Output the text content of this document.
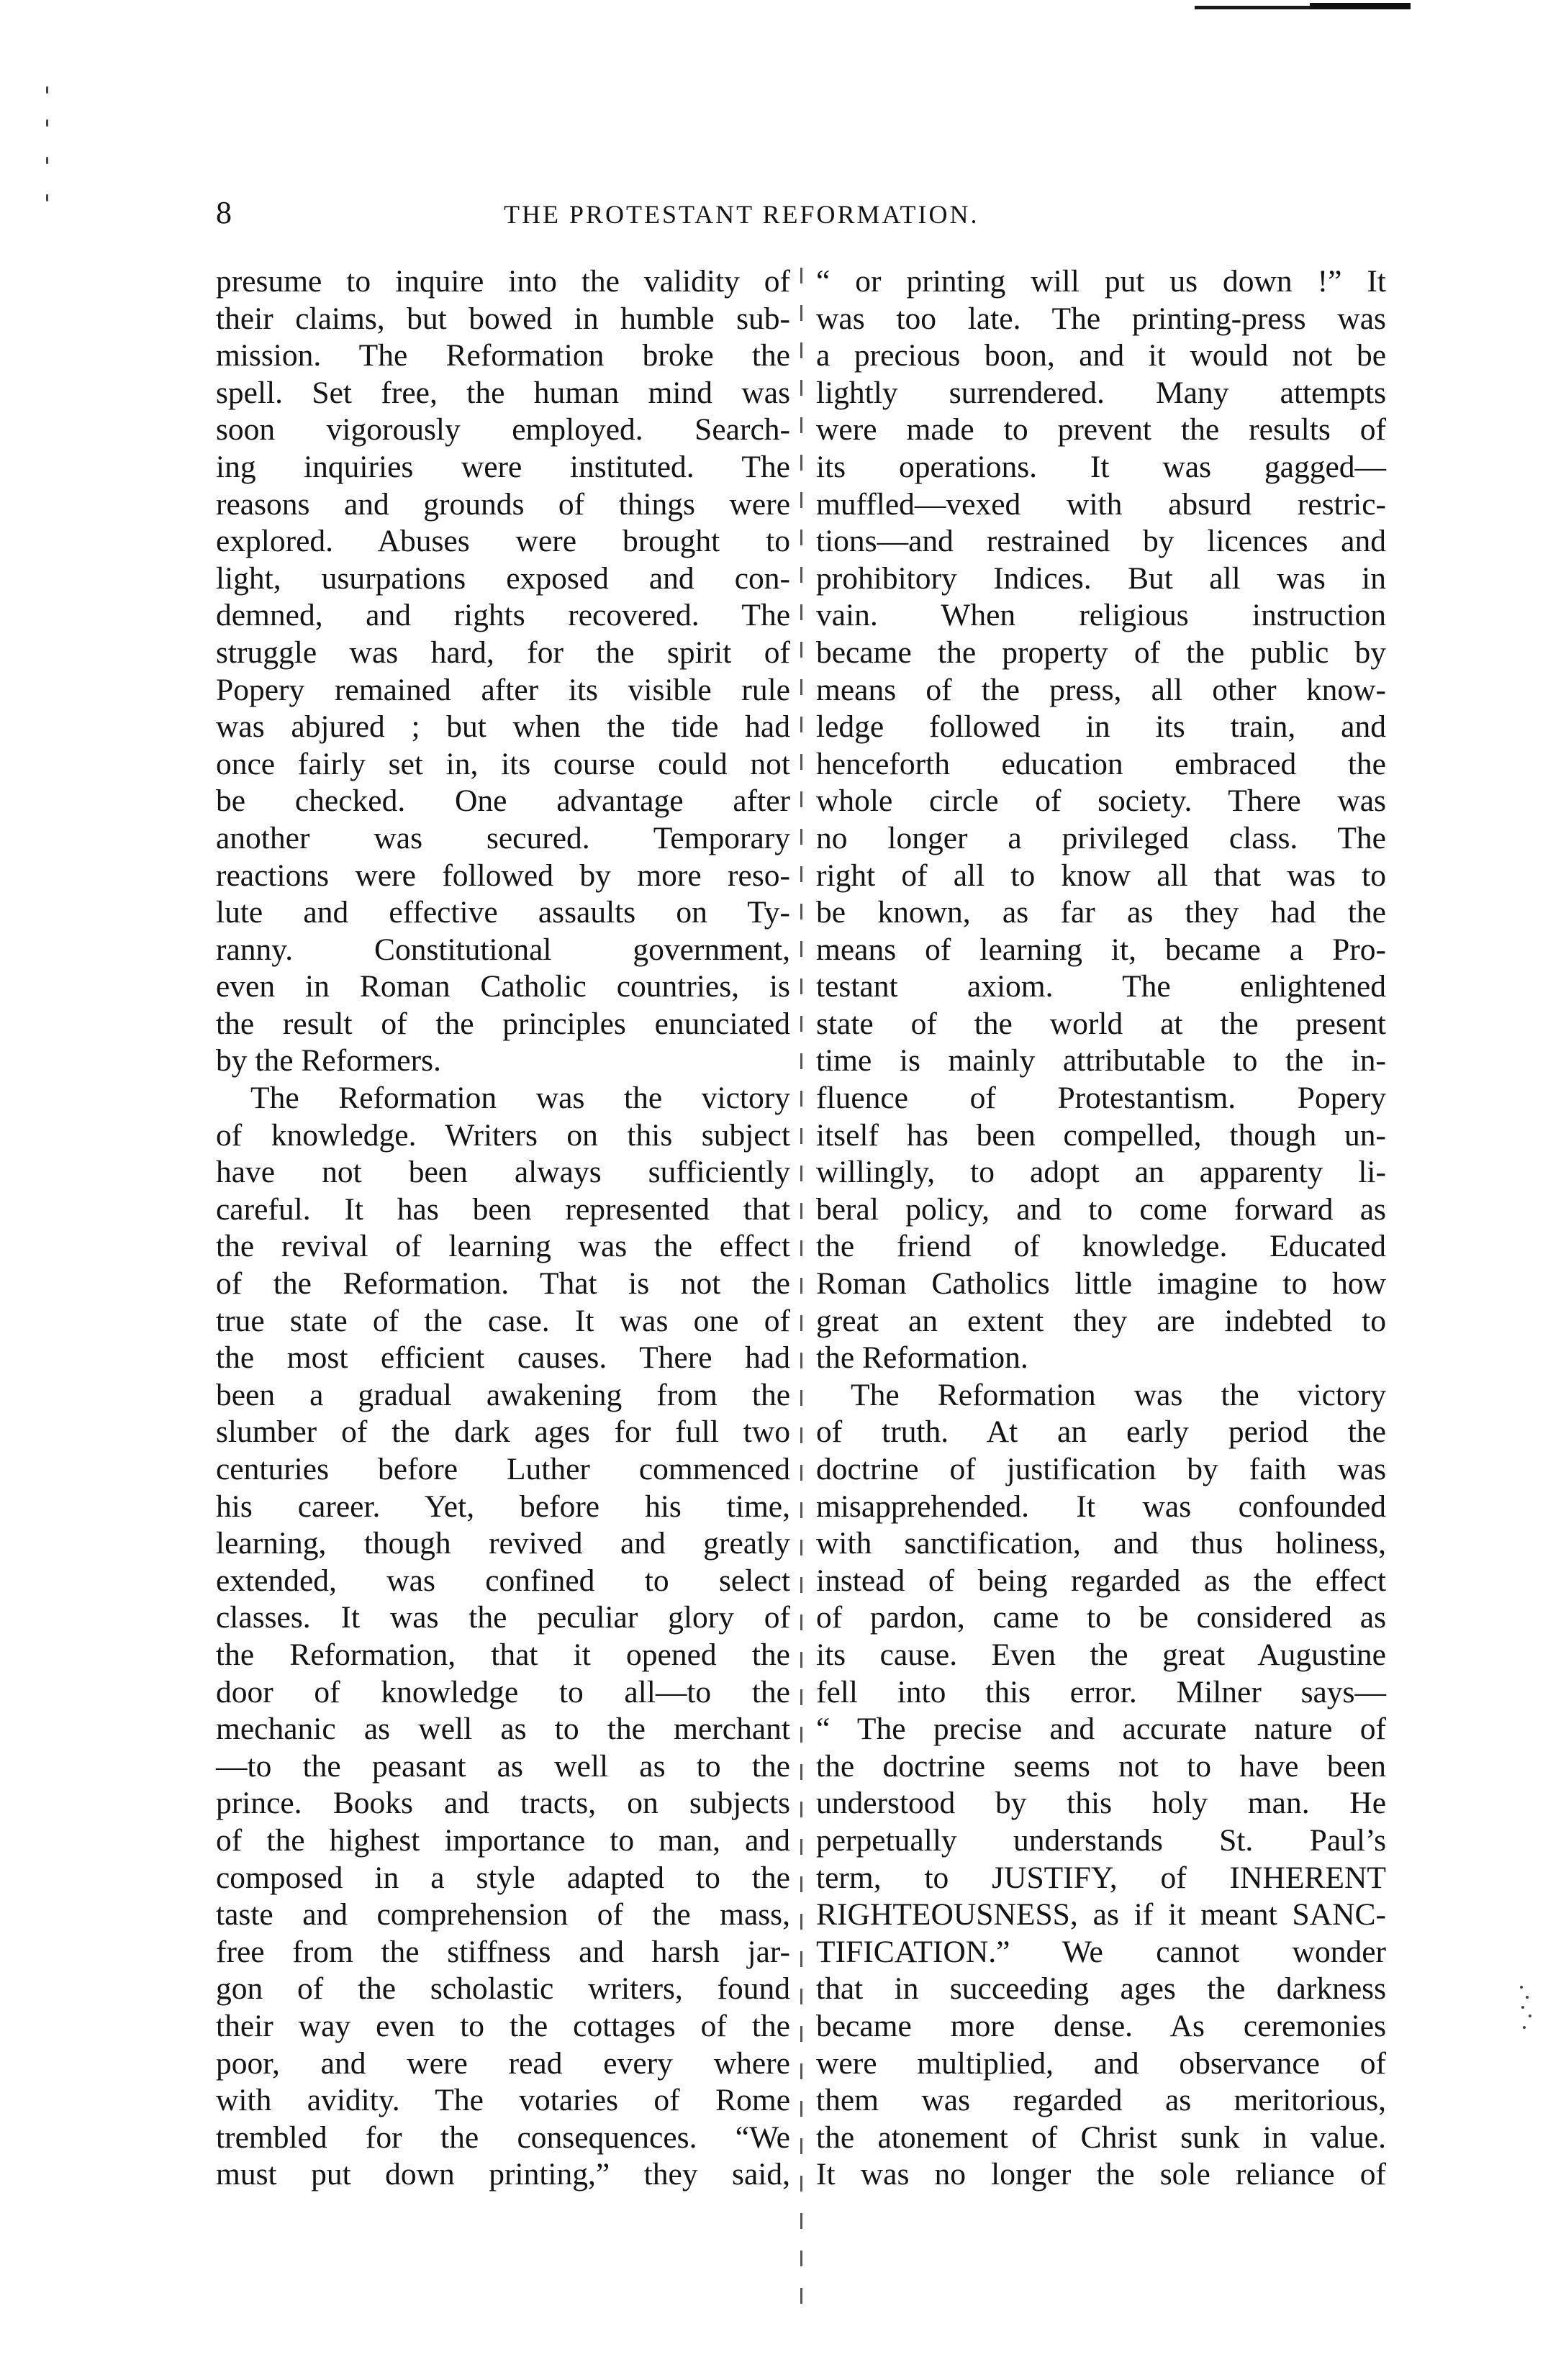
8	THE PROTESTANT REFORMATION.
presume to inquire into the validity of
their claims, but bowed in humble sub-
mission. The Reformation broke the
spell. Set free, the human mind was
soon vigorously employed. Search-
ing inquiries were instituted. The
reasons and grounds of things were
explored. Abuses were brought to
light, usurpations exposed and con-
demned, and rights recovered. The
struggle was hard, for the spirit of
Popery remained after its visible rule
was abjured ; but when the tide had
once fairly set in, its course could not
be checked. One advantage after
another was secured. Temporary
reactions were followed by more reso-
lute and effective assaults on Ty-
ranny. Constitutional government,
even in Roman Catholic countries, is
the result of the principles enunciated
by the Reformers.
The Reformation was the victory
of knowledge. Writers on this subject
have not been always sufficiently
careful. It has been represented that
the revival of learning was the effect
of the Reformation. That is not the
true state of the case. It was one of
the most efficient causes. There had
been a gradual awakening from the
slumber of the dark ages for full two
centuries before Luther commenced
his career. Yet, before his time,
learning, though revived and greatly
extended, was confined to select
classes. It was the peculiar glory of
the Reformation, that it opened the
door of knowledge to all—to the
mechanic as well as to the merchant
—to the peasant as well as to the
prince. Books and tracts, on subjects
of the highest importance to man, and
composed in a style adapted to the
taste and comprehension of the mass,
free from the stiffness and harsh jar-
gon of the scholastic writers, found
their way even to the cottages of the
poor, and were read every where
with avidity. The votaries of Rome
trembled for the consequences. “We
must put down printing,” they said,
“ or printing will put us down !” It
was too late. The printing-press was
a precious boon, and it would not be
lightly surrendered. Many attempts
were made to prevent the results of
its operations. It was gagged—
muffled—vexed with absurd restric-
tions—and restrained by licences and
prohibitory Indices. But all was in
vain. When religious instruction
became the property of the public by
means of the press, all other know-
ledge followed in its train, and
henceforth education embraced the
whole circle of society. There was
no longer a privileged class. The
right of all to know all that was to
be known, as far as they had the
means of learning it, became a Pro-
testant axiom. The enlightened
state of the world at the present
time is mainly attributable to the in-
fluence of Protestantism. Popery
itself has been compelled, though un-
willingly, to adopt an apparenty li-
beral policy, and to come forward as
the friend of knowledge. Educated
Roman Catholics little imagine to how
great an extent they are indebted to
the Reformation.
The Reformation was the victory
of truth. At an early period the
doctrine of justification by faith was
misapprehended. It was confounded
with sanctification, and thus holiness,
instead of being regarded as the effect
of pardon, came to be considered as
its cause. Even the great Augustine
fell into this error. Milner says—
“ The precise and accurate nature of
the doctrine seems not to have been
understood by this holy man. He
perpetually understands St. Paul’s
term, to JUSTIFY, of INHERENT
RIGHTEOUSNESS, as if it meant SANC-
TIFICATION.” We cannot wonder
that in succeeding ages the darkness
became more dense. As ceremonies
were multiplied, and observance of
them was regarded as meritorious,
the atonement of Christ sunk in value.
It was no longer the sole reliance of
